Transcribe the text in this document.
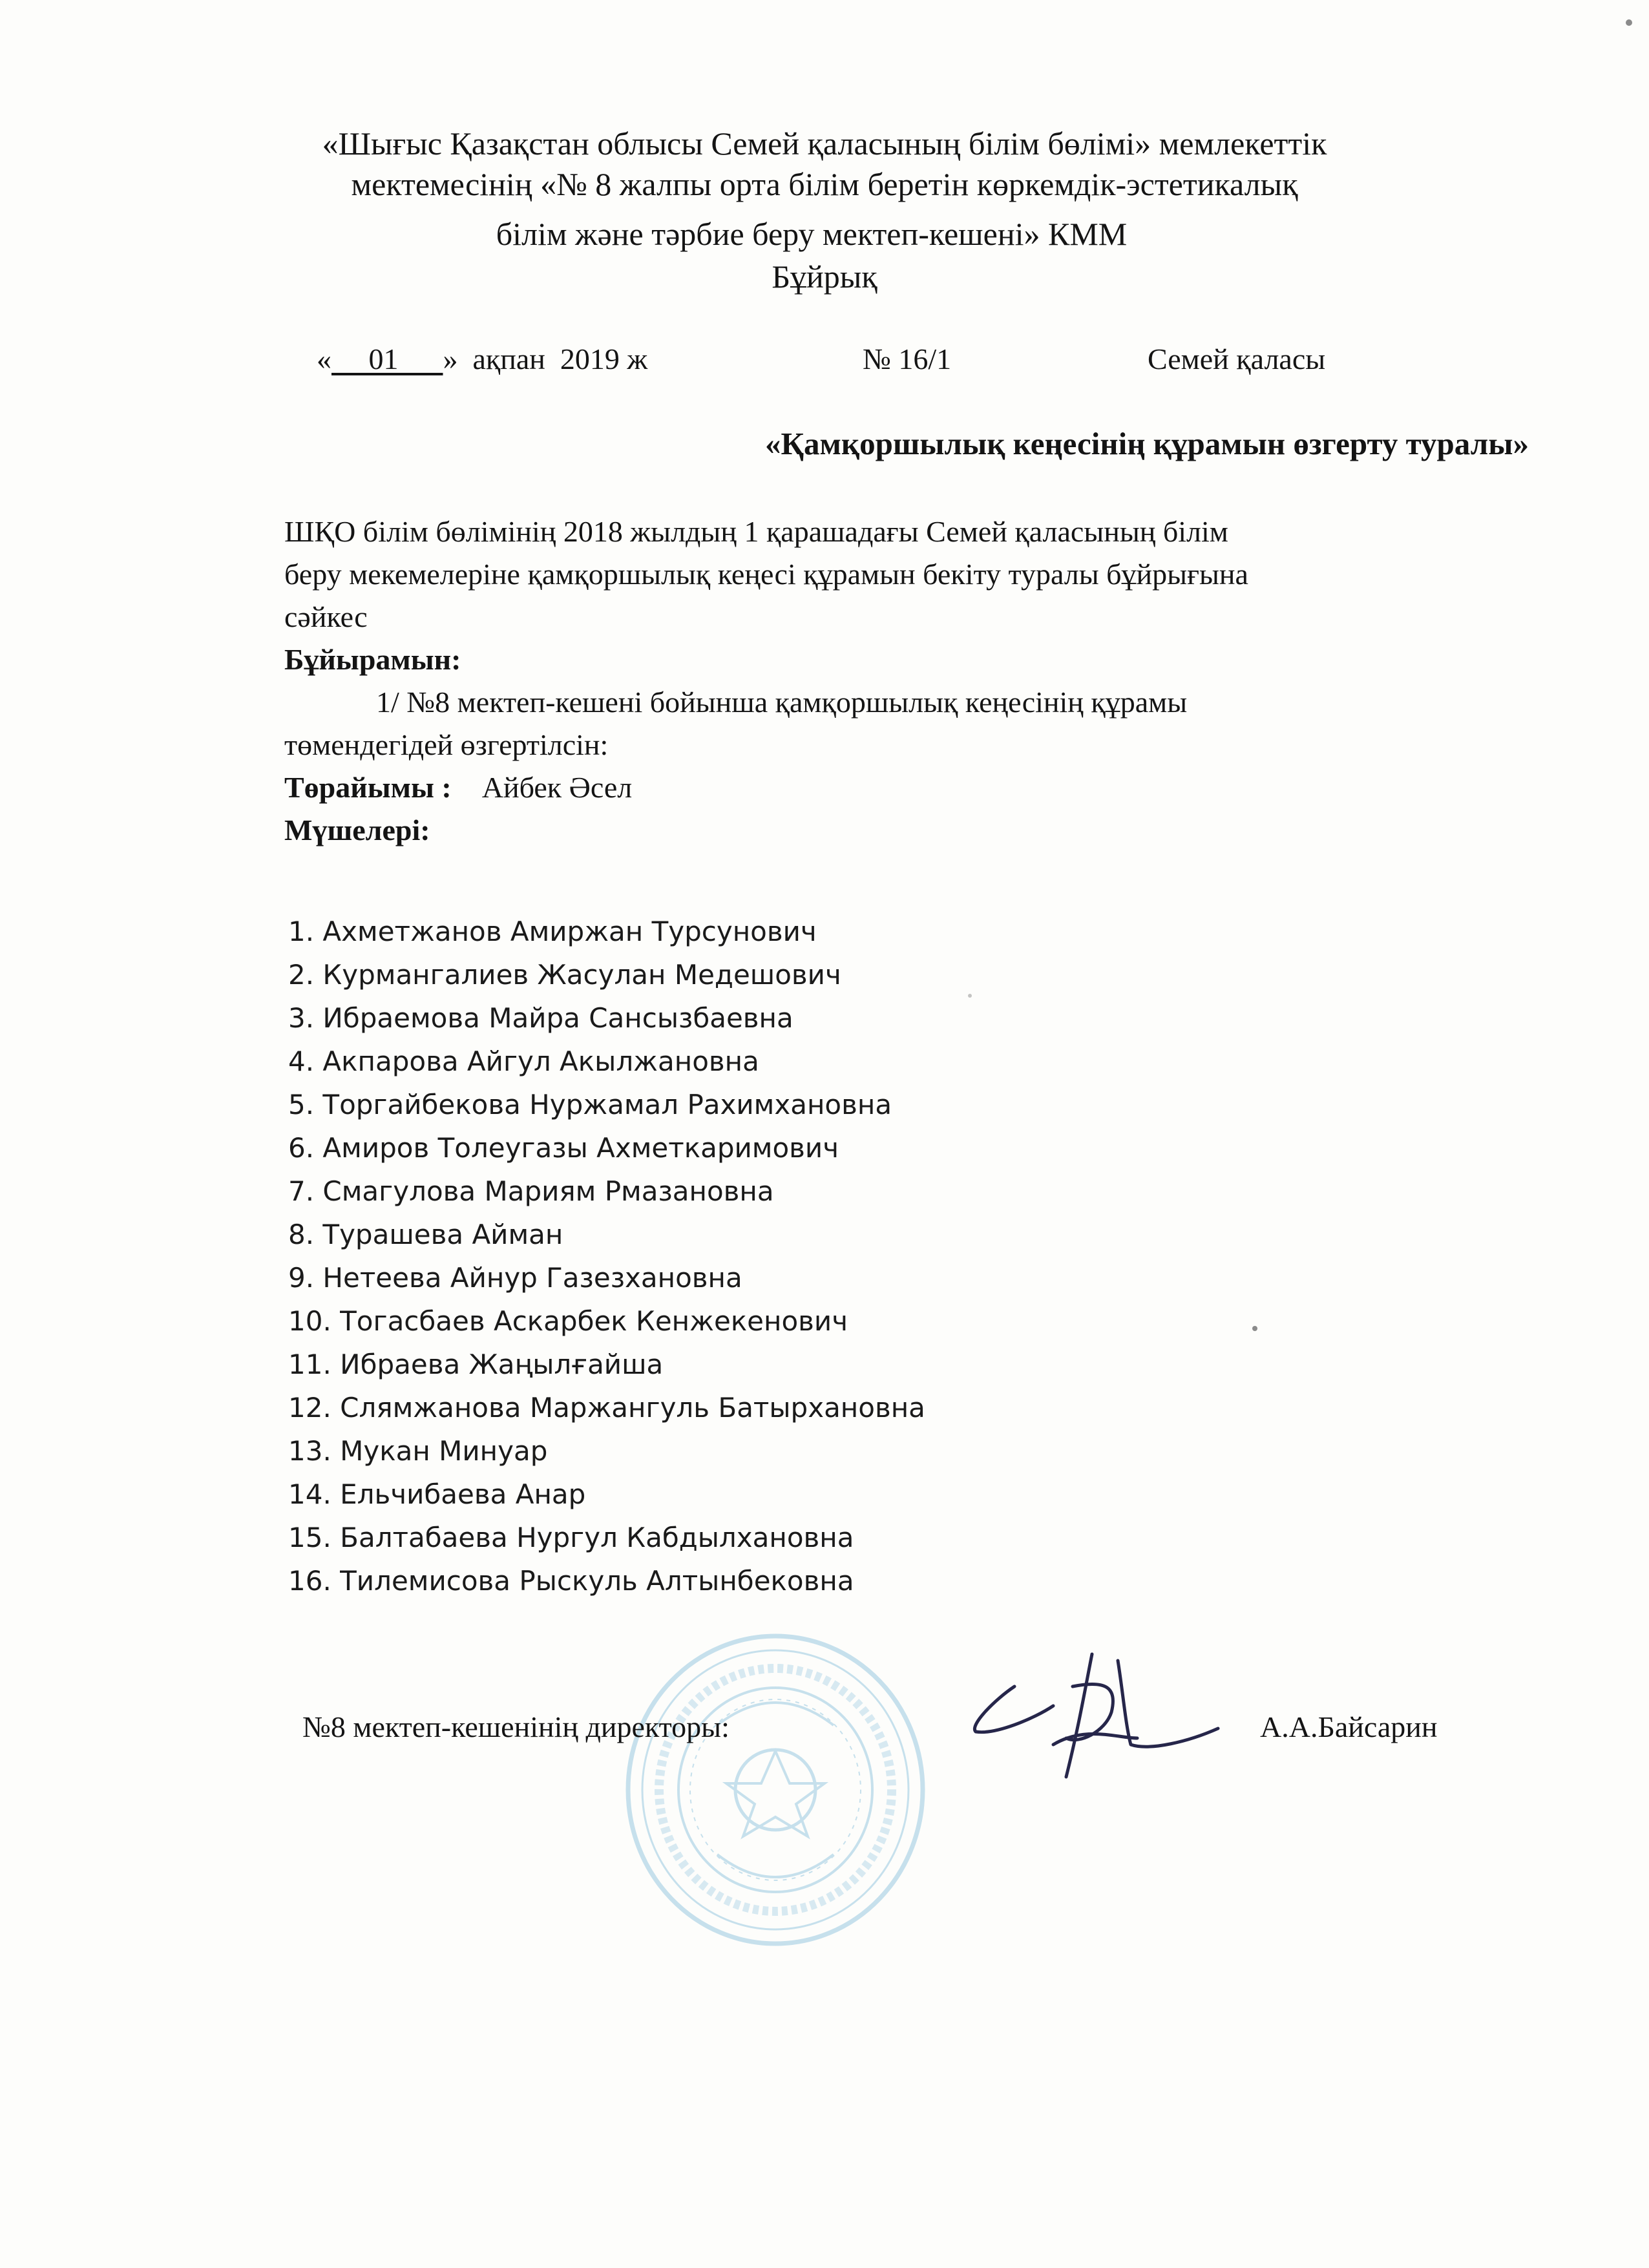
«Шығыс Қазақстан облысы Семей қаласының білім бөлімі» мемлекеттік

мектемесінің «№ 8 жалпы орта білім беретін көркемдік-эстетикалық

білім және тәрбие беру мектеп-кешені» КММ

Бұйрық

«     01      »  ақпан  2019 ж	№ 16/1	Семей қаласы

«Қамқоршылық кеңесінің құрамын өзгерту туралы»

ШҚО білім бөлімінің 2018 жылдың 1 қарашадағы Семей қаласының білім

беру мекемелеріне қамқоршылық кеңесі құрамын бекіту туралы бұйрығына

сәйкес

Бұйырамын:

1/ №8 мектеп-кешені бойынша қамқоршылық кеңесінің құрамы

төмендегідей өзгертілсін:

Төрайымы : Айбек Әсел

Мүшелері:

1. Ахметжанов Амиржан Турсунович
2. Курмангалиев Жасулан Медешович
3. Ибраемова Майра Сансызбаевна
4. Акпарова Айгул Акылжановна
5. Торгайбекова Нуржамал Рахимхановна
6. Амиров Толеугазы Ахметкаримович
7. Смагулова Мариям Рмазановна
8. Турашева Айман
9. Нетеева Айнур Газезхановна
10. Тогасбаев Аскарбек Кенжекенович
11. Ибраева Жаңылғайша
12. Слямжанова Маржангуль Батырхановна
13. Мукан Минуар
14. Ельчибаева Анар
15. Балтабаева Нургул Кабдылхановна
16. Тилемисова Рыскуль Алтынбековна

№8 мектеп-кешенінің директоры:	А.А.Байсарин
